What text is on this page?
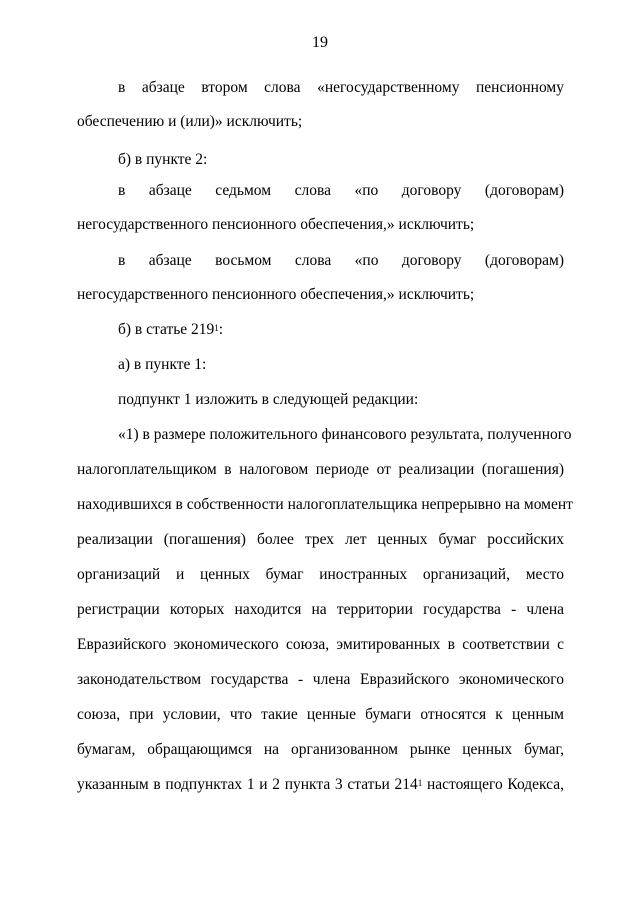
19
в абзаце втором слова «негосударственному пенсионному
обеспечению и (или)» исключить;
б) в пункте 2:
в абзаце седьмом слова «по договору (договорам)
негосударственного пенсионного обеспечения,» исключить;
в абзаце восьмом слова «по договору (договорам)
негосударственного пенсионного обеспечения,» исключить;
б) в статье $219^1$:
а) в пункте 1:
подпункт 1 изложить в следующей редакции:
«1) в размере положительного финансового результата, полученного
налогоплательщиком в налоговом периоде от реализации (погашения)
находившихся в собственности налогоплательщика непрерывно на момент
реализации (погашения) более трех лет ценных бумаг российских
организаций и ценных бумаг иностранных организаций, место
регистрации которых находится на территории государства - члена
Евразийского экономического союза, эмитированных в соответствии с
законодательством государства - члена Евразийского экономического
союза, при условии, что такие ценные бумаги относятся к ценным
бумагам, обращающимся на организованном рынке ценных бумаг,
указанным в подпунктах 1 и 2 пункта 3 статьи $214^1$ настоящего Кодекса,
